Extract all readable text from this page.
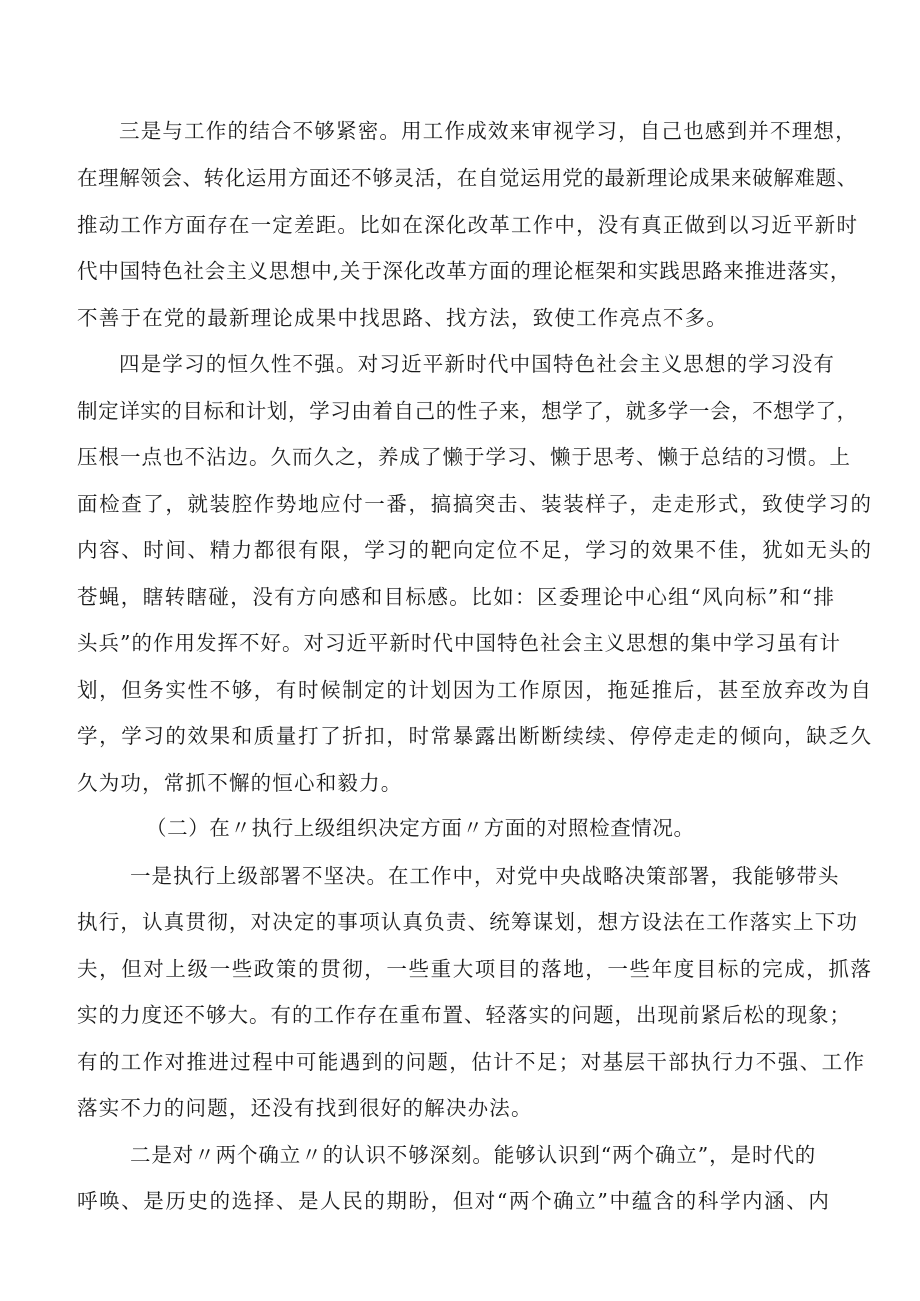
三是与工作的结合不够紧密。用工作成效来审视学习，自己也感到并不理想，
在理解领会、转化运用方面还不够灵活，在自觉运用党的最新理论成果来破解难题、
推动工作方面存在一定差距。比如在深化改革工作中，没有真正做到以习近平新时
代中国特色社会主义思想中,关于深化改革方面的理论框架和实践思路来推进落实，
不善于在党的最新理论成果中找思路、找方法，致使工作亮点不多。
四是学习的恒久性不强。对习近平新时代中国特色社会主义思想的学习没有
制定详实的目标和计划，学习由着自己的性子来，想学了，就多学一会，不想学了，
压根一点也不沾边。久而久之，养成了懒于学习、懒于思考、懒于总结的习惯。上
面检查了，就装腔作势地应付一番，搞搞突击、装装样子，走走形式，致使学习的
内容、时间、精力都很有限，学习的靶向定位不足，学习的效果不佳，犹如无头的
苍蝇，瞎转瞎碰，没有方向感和目标感。比如：区委理论中心组“风向标”和“排
头兵”的作用发挥不好。对习近平新时代中国特色社会主义思想的集中学习虽有计
划，但务实性不够，有时候制定的计划因为工作原因，拖延推后，甚至放弃改为自
学，学习的效果和质量打了折扣，时常暴露出断断续续、停停走走的倾向，缺乏久
久为功，常抓不懈的恒心和毅力。
（二）在〃执行上级组织决定方面〃方面的对照检查情况。
一是执行上级部署不坚决。在工作中，对党中央战略决策部署，我能够带头
执行，认真贯彻，对决定的事项认真负责、统筹谋划，想方设法在工作落实上下功
夫，但对上级一些政策的贯彻，一些重大项目的落地，一些年度目标的完成，抓落
实的力度还不够大。有的工作存在重布置、轻落实的问题，出现前紧后松的现象；
有的工作对推进过程中可能遇到的问题，估计不足；对基层干部执行力不强、工作
落实不力的问题，还没有找到很好的解决办法。
二是对〃两个确立〃的认识不够深刻。能够认识到“两个确立”，是时代的
呼唤、是历史的选择、是人民的期盼，但对“两个确立”中蕴含的科学内涵、内
